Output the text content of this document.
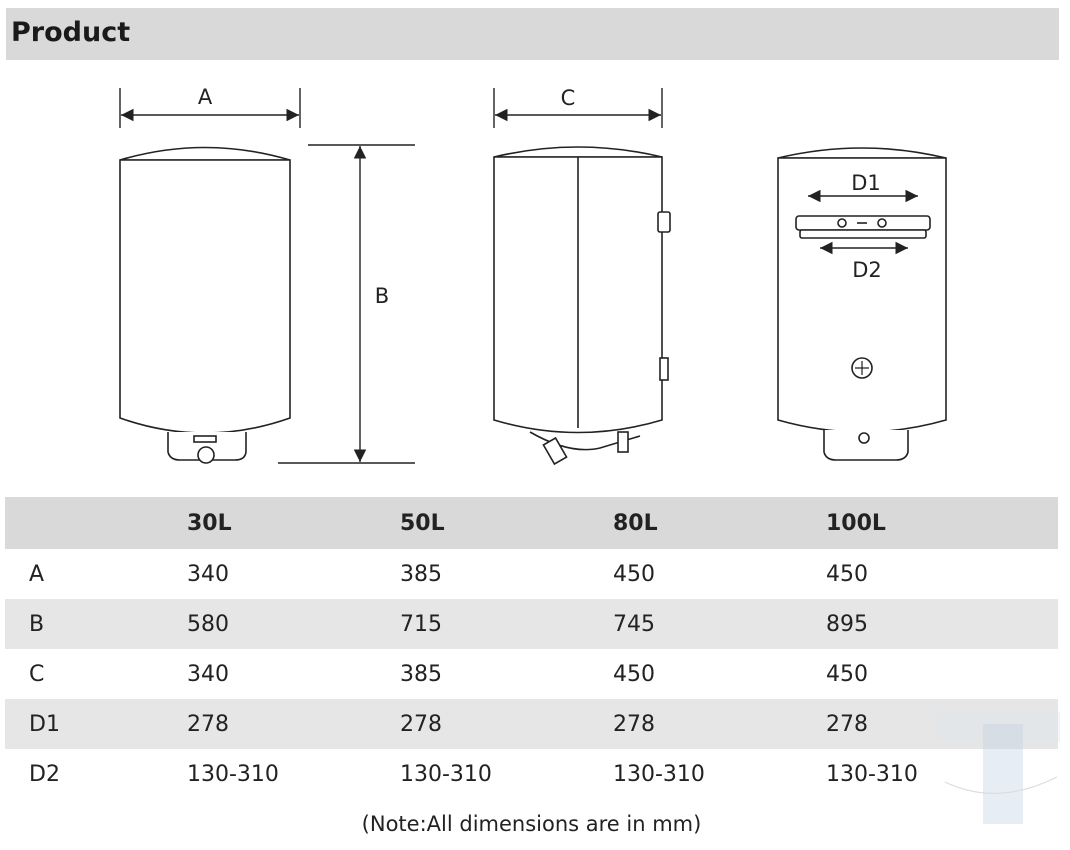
Product
A
B
C
D1
D2
	30L	50L	80L	100L
A	340	385	450	450
B	580	715	745	895
C	340	385	450	450
D1	278	278	278	278
D2	130-310	130-310	130-310	130-310
(Note:All dimensions are in mm)
